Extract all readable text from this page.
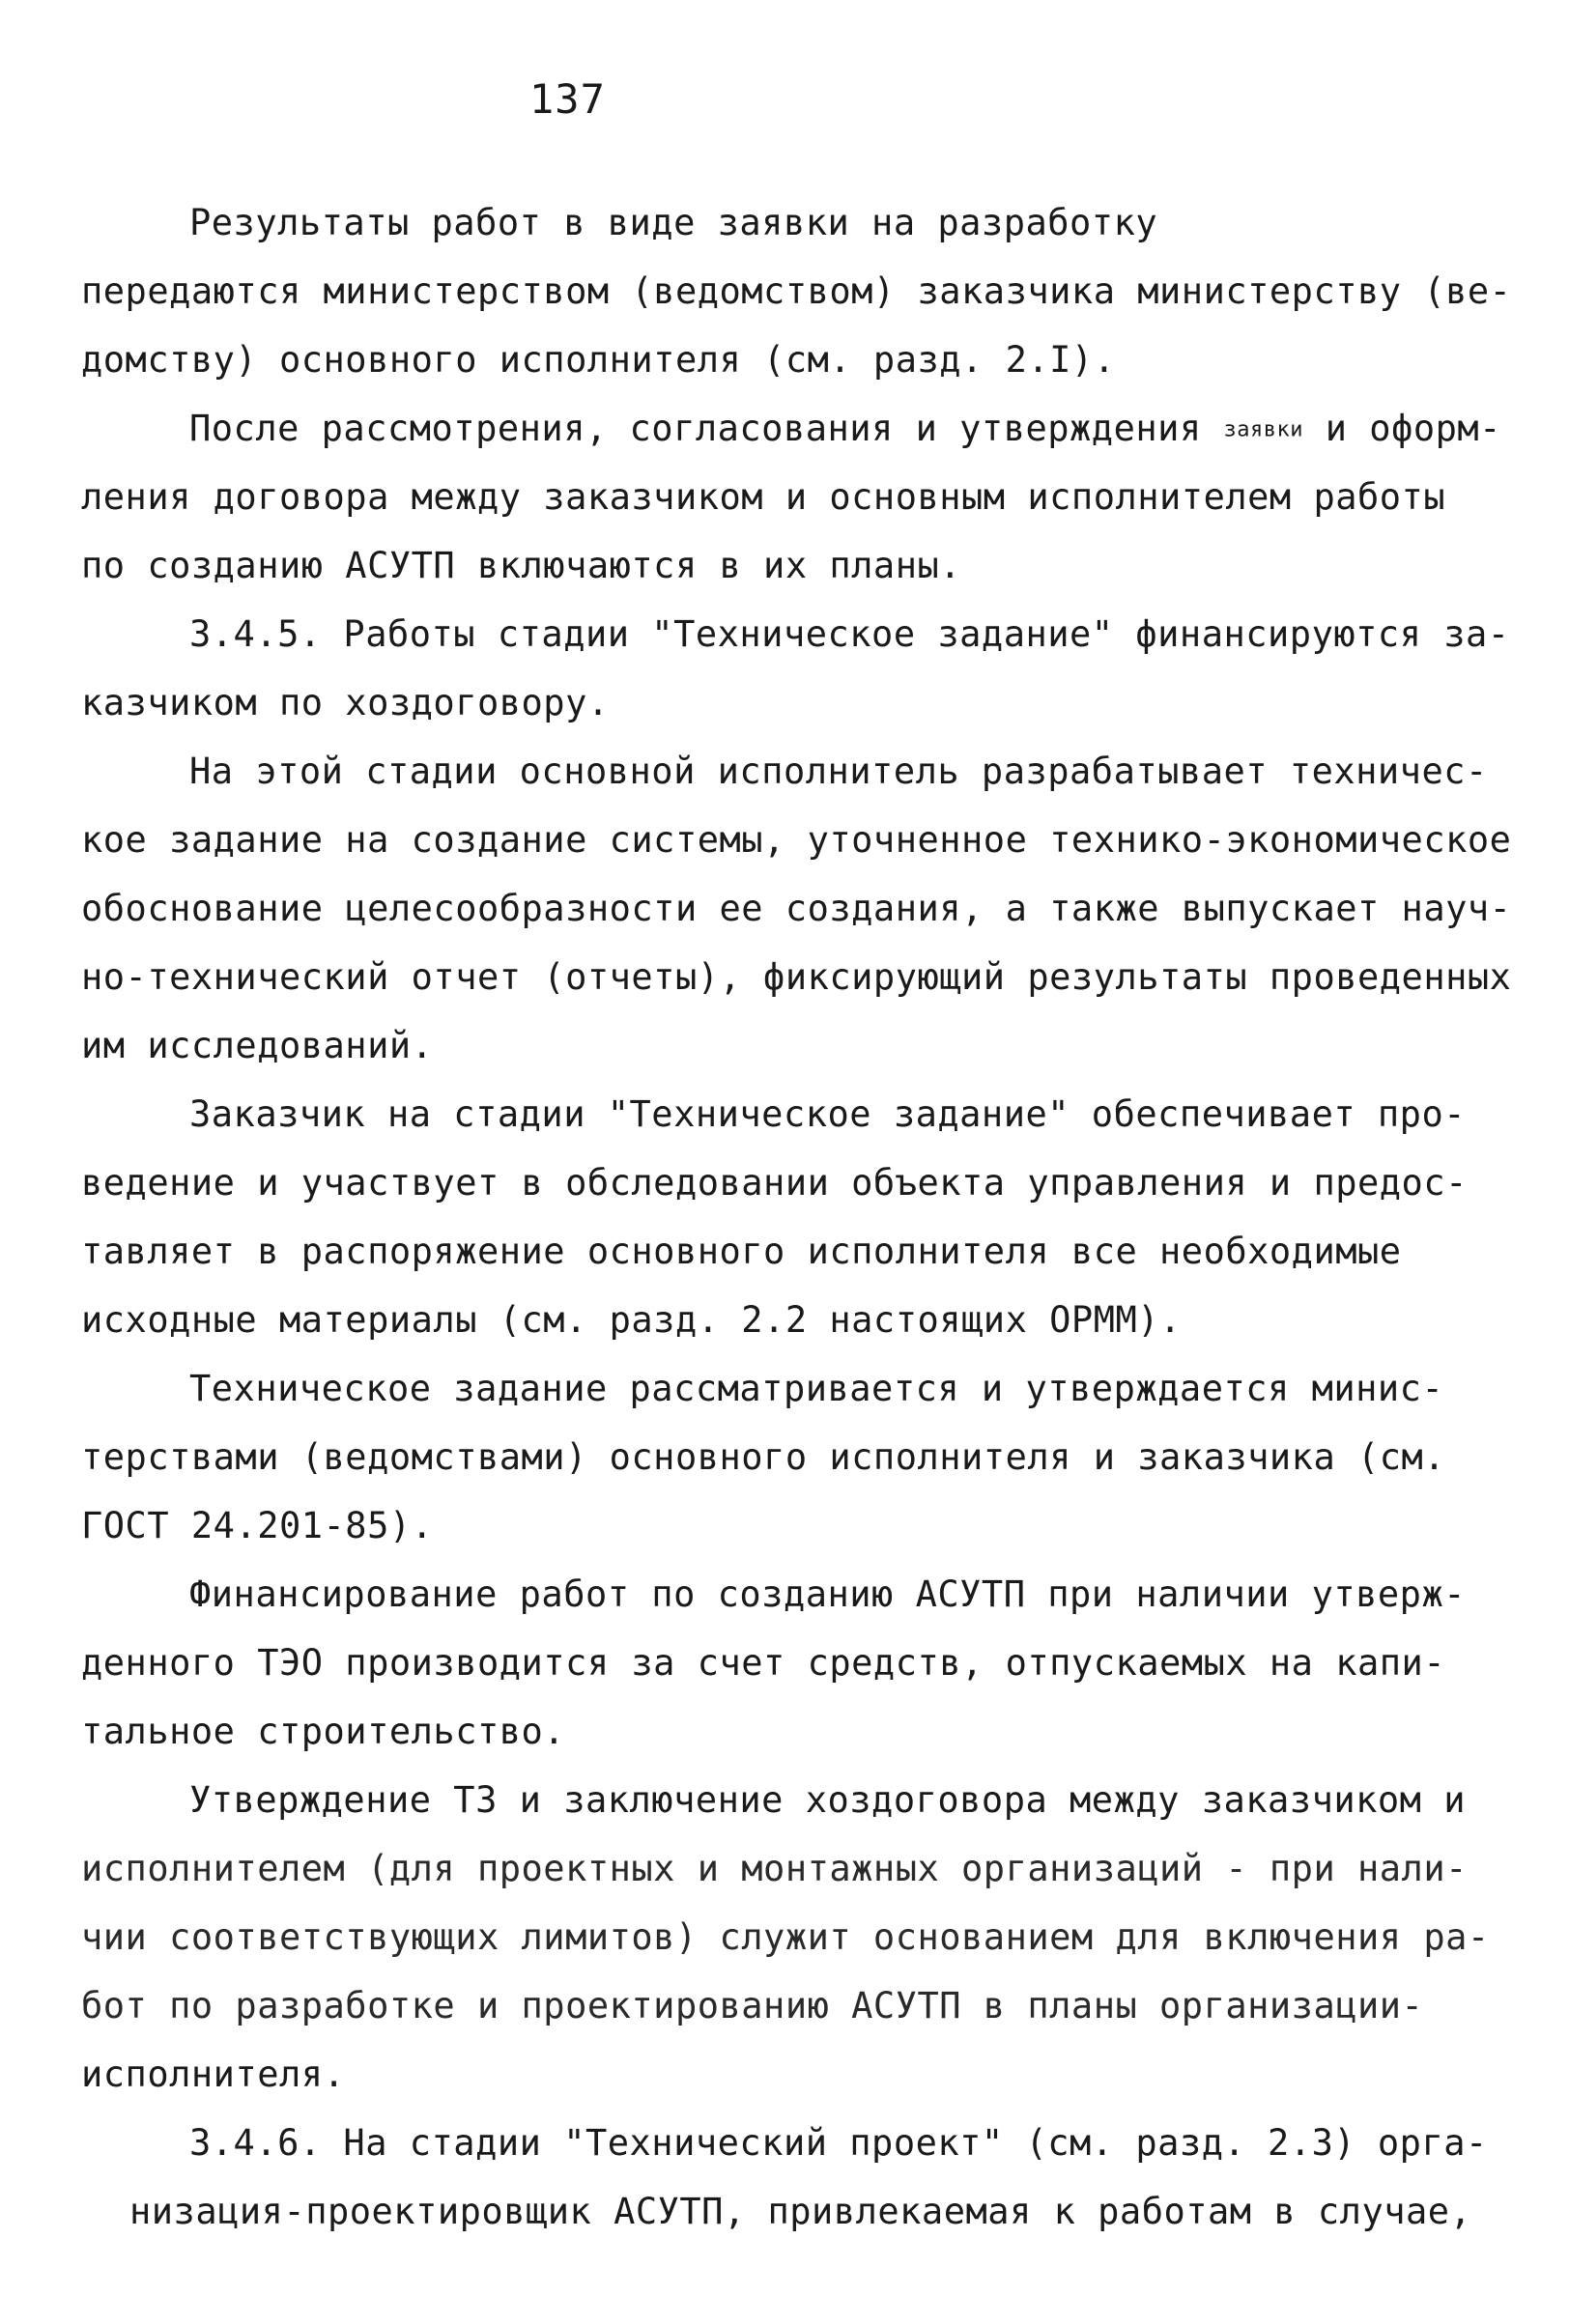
137
Результаты работ в виде заявки на разработку
передаются министерством (ведомством) заказчика министерству (ве-
домству) основного исполнителя (см. разд. 2.I).
После рассмотрения, согласования и утверждения заявки и оформ-
ления договора между заказчиком и основным исполнителем работы
по созданию АСУТП включаются в их планы.
3.4.5. Работы стадии "Техническое задание" финансируются за-
казчиком по хоздоговору.
На этой стадии основной исполнитель разрабатывает техничес-
кое задание на создание системы, уточненное технико-экономическое
обоснование целесообразности ее создания, а также выпускает науч-
но-технический отчет (отчеты), фиксирующий результаты проведенных
им исследований.
Заказчик на стадии "Техническое задание" обеспечивает про-
ведение и участвует в обследовании объекта управления и предос-
тавляет в распоряжение основного исполнителя все необходимые
исходные материалы (см. разд. 2.2 настоящих ОРММ).
Техническое задание рассматривается и утверждается минис-
терствами (ведомствами) основного исполнителя и заказчика (см.
ГОСТ 24.201-85).
Финансирование работ по созданию АСУТП при наличии утверж-
денного ТЭО производится за счет средств, отпускаемых на капи-
тальное строительство.
Утверждение ТЗ и заключение хоздоговора между заказчиком и
исполнителем (для проектных и монтажных организаций - при нали-
чии соответствующих лимитов) служит основанием для включения ра-
бот по разработке и проектированию АСУТП в планы организации-
исполнителя.
3.4.6. На стадии "Технический проект" (см. разд. 2.3) орга-
низация-проектировщик АСУТП, привлекаемая к работам в случае,
